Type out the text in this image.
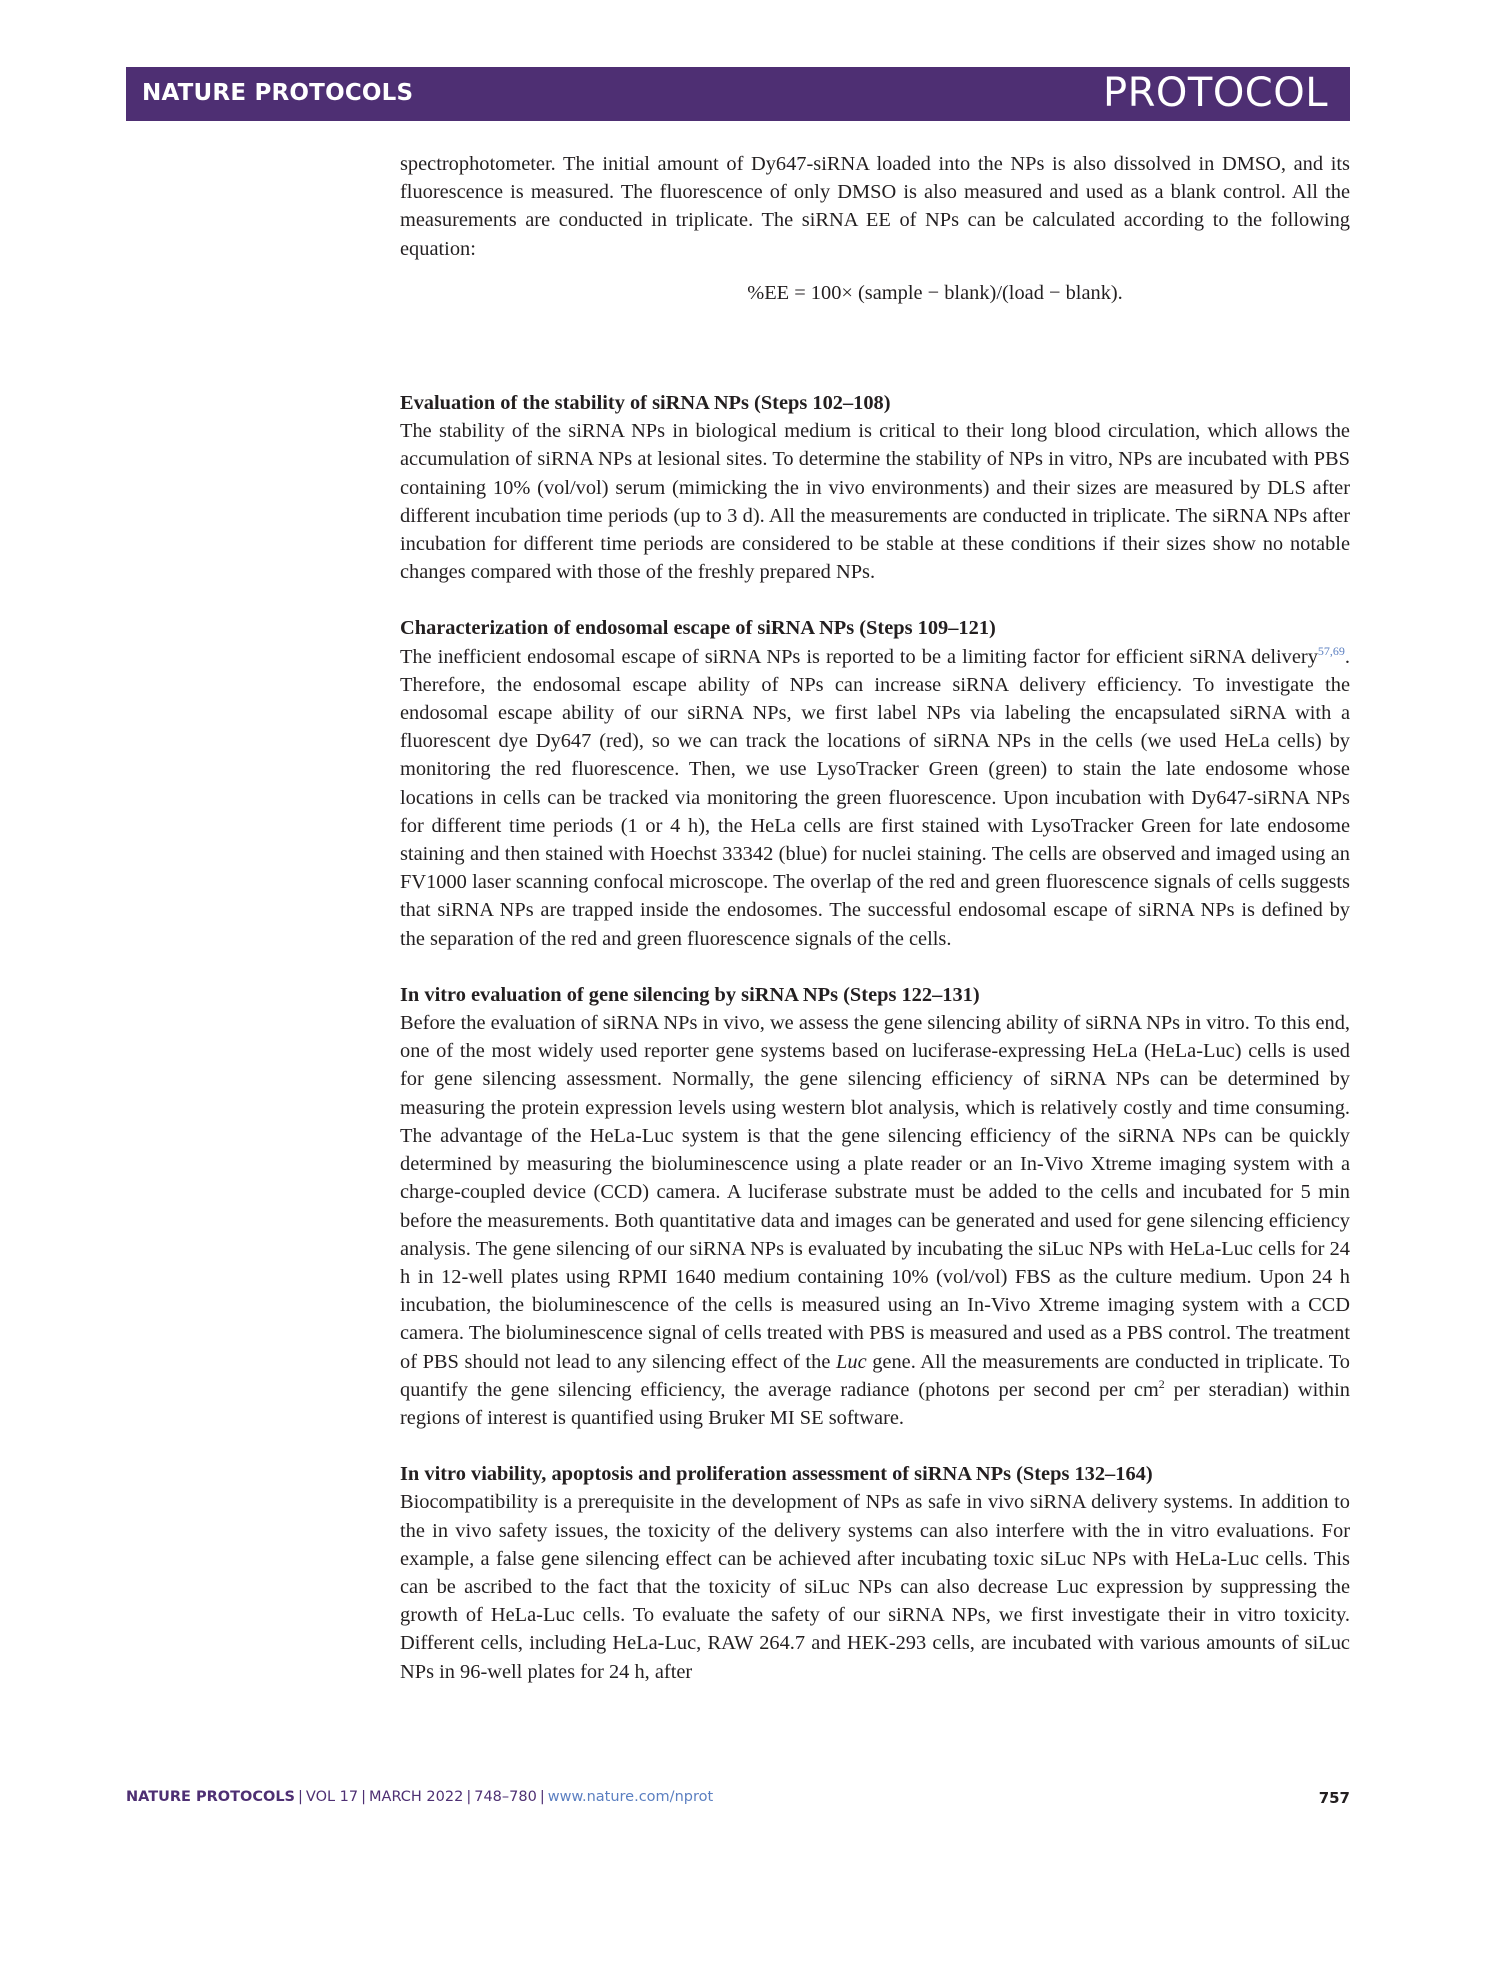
NATURE PROTOCOLS	PROTOCOL

spectrophotometer. The initial amount of Dy647-siRNA loaded into the NPs is also dissolved in DMSO, and its fluorescence is measured. The fluorescence of only DMSO is also measured and used as a blank control. All the measurements are conducted in triplicate. The siRNA EE of NPs can be calculated according to the following equation:

%EE = 100× (sample − blank)/(load − blank).

Evaluation of the stability of siRNA NPs (Steps 102–108)

The stability of the siRNA NPs in biological medium is critical to their long blood circulation, which allows the accumulation of siRNA NPs at lesional sites. To determine the stability of NPs in vitro, NPs are incubated with PBS containing 10% (vol/vol) serum (mimicking the in vivo environments) and their sizes are measured by DLS after different incubation time periods (up to 3 d). All the measurements are conducted in triplicate. The siRNA NPs after incubation for different time periods are considered to be stable at these conditions if their sizes show no notable changes compared with those of the freshly prepared NPs.

Characterization of endosomal escape of siRNA NPs (Steps 109–121)

The inefficient endosomal escape of siRNA NPs is reported to be a limiting factor for efficient siRNA delivery$^{57,69}$. Therefore, the endosomal escape ability of NPs can increase siRNA delivery efficiency. To investigate the endosomal escape ability of our siRNA NPs, we first label NPs via labeling the encapsulated siRNA with a fluorescent dye Dy647 (red), so we can track the locations of siRNA NPs in the cells (we used HeLa cells) by monitoring the red fluorescence. Then, we use LysoTracker Green (green) to stain the late endosome whose locations in cells can be tracked via monitoring the green fluorescence. Upon incubation with Dy647-siRNA NPs for different time periods (1 or 4 h), the HeLa cells are first stained with LysoTracker Green for late endosome staining and then stained with Hoechst 33342 (blue) for nuclei staining. The cells are observed and imaged using an FV1000 laser scanning confocal microscope. The overlap of the red and green fluorescence signals of cells suggests that siRNA NPs are trapped inside the endosomes. The successful endosomal escape of siRNA NPs is defined by the separation of the red and green fluorescence signals of the cells.

In vitro evaluation of gene silencing by siRNA NPs (Steps 122–131)

Before the evaluation of siRNA NPs in vivo, we assess the gene silencing ability of siRNA NPs in vitro. To this end, one of the most widely used reporter gene systems based on luciferase-expressing HeLa (HeLa-Luc) cells is used for gene silencing assessment. Normally, the gene silencing efficiency of siRNA NPs can be determined by measuring the protein expression levels using western blot analysis, which is relatively costly and time consuming. The advantage of the HeLa-Luc system is that the gene silencing efficiency of the siRNA NPs can be quickly determined by measuring the bioluminescence using a plate reader or an In-Vivo Xtreme imaging system with a charge-coupled device (CCD) camera. A luciferase substrate must be added to the cells and incubated for 5 min before the measurements. Both quantitative data and images can be generated and used for gene silencing efficiency analysis. The gene silencing of our siRNA NPs is evaluated by incubating the siLuc NPs with HeLa-Luc cells for 24 h in 12-well plates using RPMI 1640 medium containing 10% (vol/vol) FBS as the culture medium. Upon 24 h incubation, the bioluminescence of the cells is measured using an In-Vivo Xtreme imaging system with a CCD camera. The bioluminescence signal of cells treated with PBS is measured and used as a PBS control. The treatment of PBS should not lead to any silencing effect of the Luc gene. All the measurements are conducted in triplicate. To quantify the gene silencing efficiency, the average radiance (photons per second per $cm^2$ per steradian) within regions of interest is quantified using Bruker MI SE software.

In vitro viability, apoptosis and proliferation assessment of siRNA NPs (Steps 132–164)

Biocompatibility is a prerequisite in the development of NPs as safe in vivo siRNA delivery systems. In addition to the in vivo safety issues, the toxicity of the delivery systems can also interfere with the in vitro evaluations. For example, a false gene silencing effect can be achieved after incubating toxic siLuc NPs with HeLa-Luc cells. This can be ascribed to the fact that the toxicity of siLuc NPs can also decrease Luc expression by suppressing the growth of HeLa-Luc cells. To evaluate the safety of our siRNA NPs, we first investigate their in vitro toxicity. Different cells, including HeLa-Luc, RAW 264.7 and HEK-293 cells, are incubated with various amounts of siLuc NPs in 96-well plates for 24 h, after

NATURE PROTOCOLS | VOL 17 | MARCH 2022 | 748–780 | www.nature.com/nprot	757
